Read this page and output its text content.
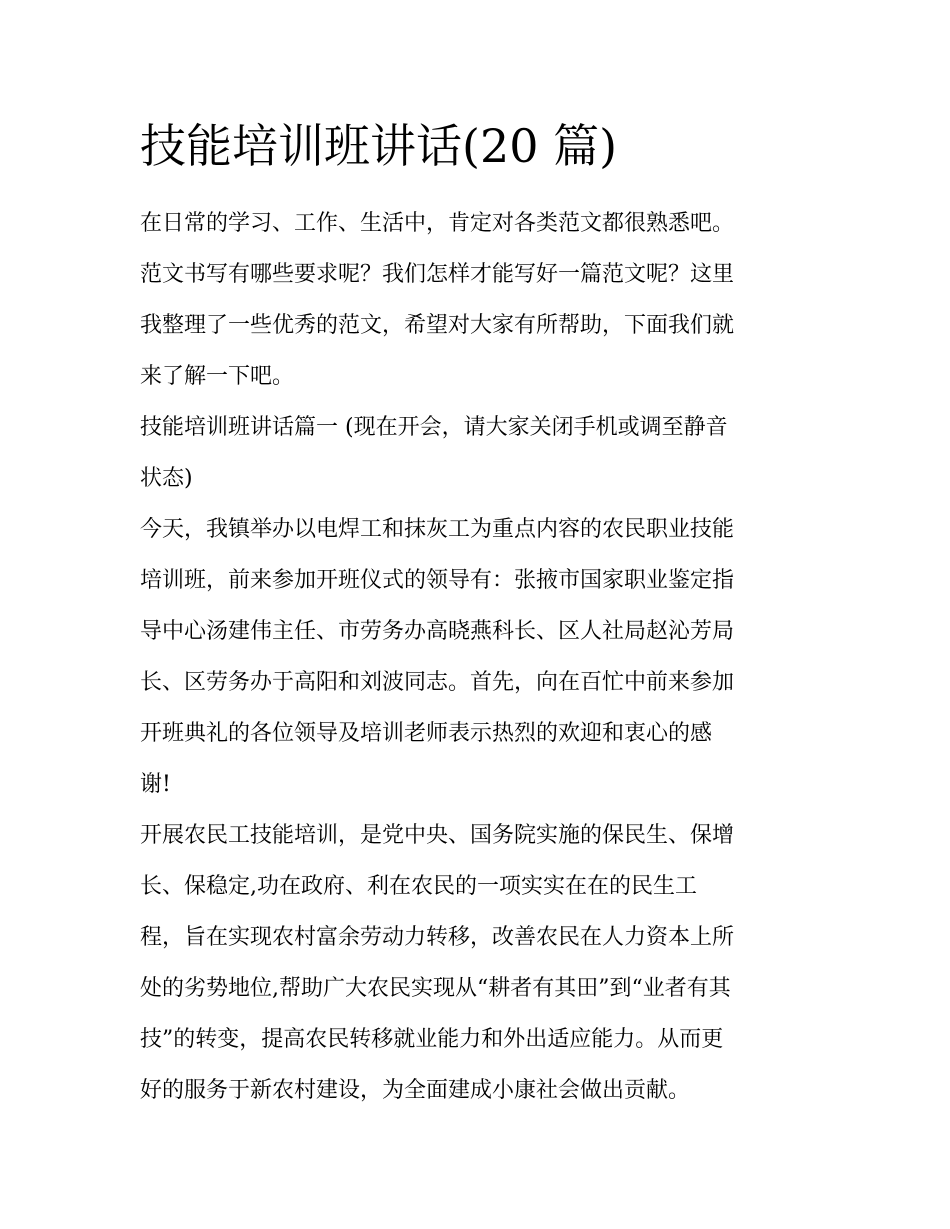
技能培训班讲话(20 篇)

在日常的学习、工作、生活中，肯定对各类范文都很熟悉吧。
范文书写有哪些要求呢？我们怎样才能写好一篇范文呢？这里
我整理了一些优秀的范文，希望对大家有所帮助，下面我们就
来了解一下吧。

技能培训班讲话篇一 (现在开会，请大家关闭手机或调至静音
状态)

今天，我镇举办以电焊工和抹灰工为重点内容的农民职业技能
培训班，前来参加开班仪式的领导有：张掖市国家职业鉴定指
导中心汤建伟主任、市劳务办高晓燕科长、区人社局赵沁芳局
长、区劳务办于高阳和刘波同志。首先，向在百忙中前来参加
开班典礼的各位领导及培训老师表示热烈的欢迎和衷心的感
谢!

开展农民工技能培训，是党中央、国务院实施的保民生、保增
长、保稳定,功在政府、利在农民的一项实实在在的民生工
程，旨在实现农村富余劳动力转移，改善农民在人力资本上所
处的劣势地位,帮助广大农民实现从“耕者有其田”到“业者有其
技”的转变，提高农民转移就业能力和外出适应能力。从而更
好的服务于新农村建设，为全面建成小康社会做出贡献。
